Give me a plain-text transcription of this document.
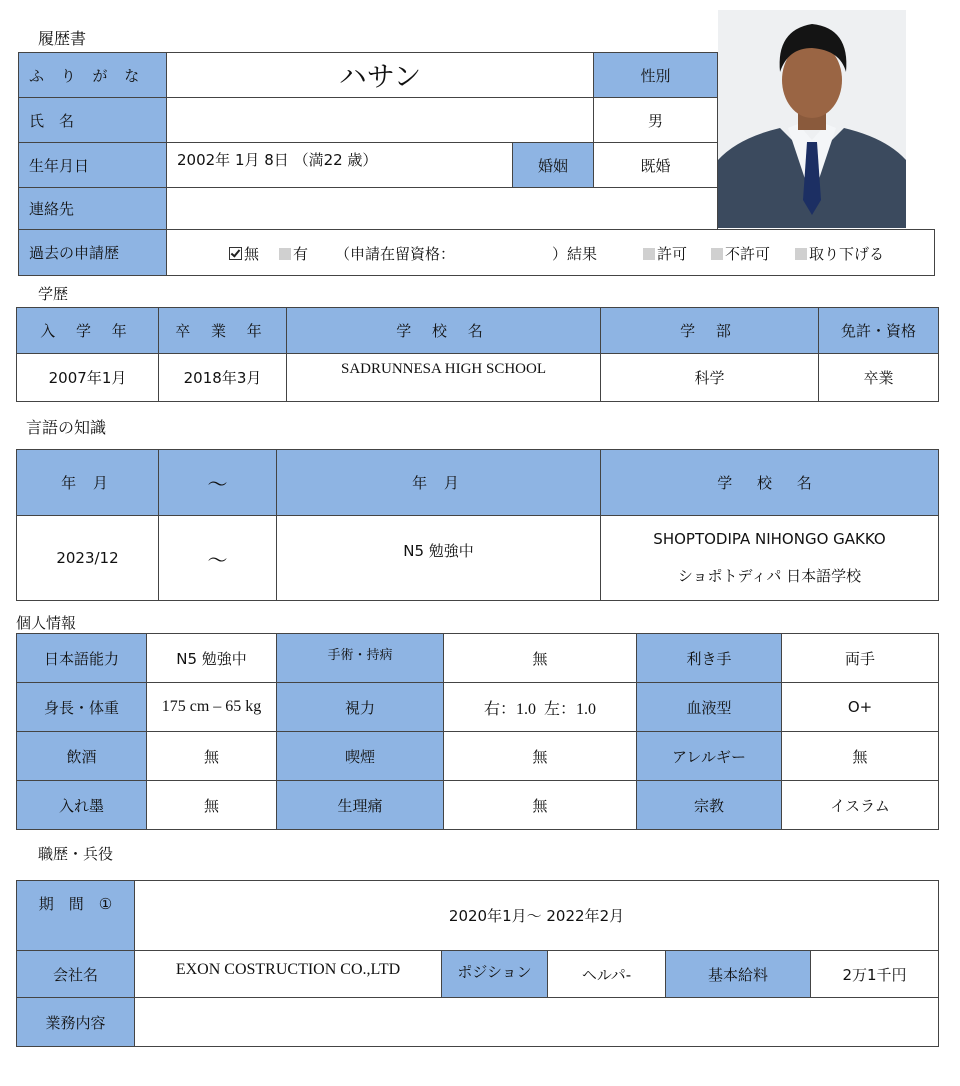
履歴書
ふ り が な	ハサン		性別
氏　名			男
生年月日	2002年 1月 8日 （満22 歳）	婚姻	既婚
連絡先			
過去の申請歴	無	有 （申請在留資格：	）結果	許可	不許可	取り下げる
学歴
入 学 年	卒 業 年	学 校 名	学 部	免許・資格
2007年1月	2018年3月	SADRUNNESA HIGH SCHOOL	科学	卒業
言語の知識
年 月	～	年 月	学 校 名
2023/12	～	N5 勉強中	SHOPTODIPA NIHONGO GAKKO
ショポトディパ 日本語学校
個人情報
日本語能力	N5 勉強中	手術・持病	無	利き手	両手
身長・体重	175 cm – 65 kg	視力	右：1.0  左：1.0	血液型	O+
飲酒	無	喫煙	無	アレルギー	無
入れ墨	無	生理痛	無	宗教	イスラム
職歴・兵役
期　間　①	2020年1月～ 2022年2月				
会社名	EXON COSTRUCTION CO.,LTD	ポジション	ヘルパ-	基本給料	2万1千円
業務内容					
